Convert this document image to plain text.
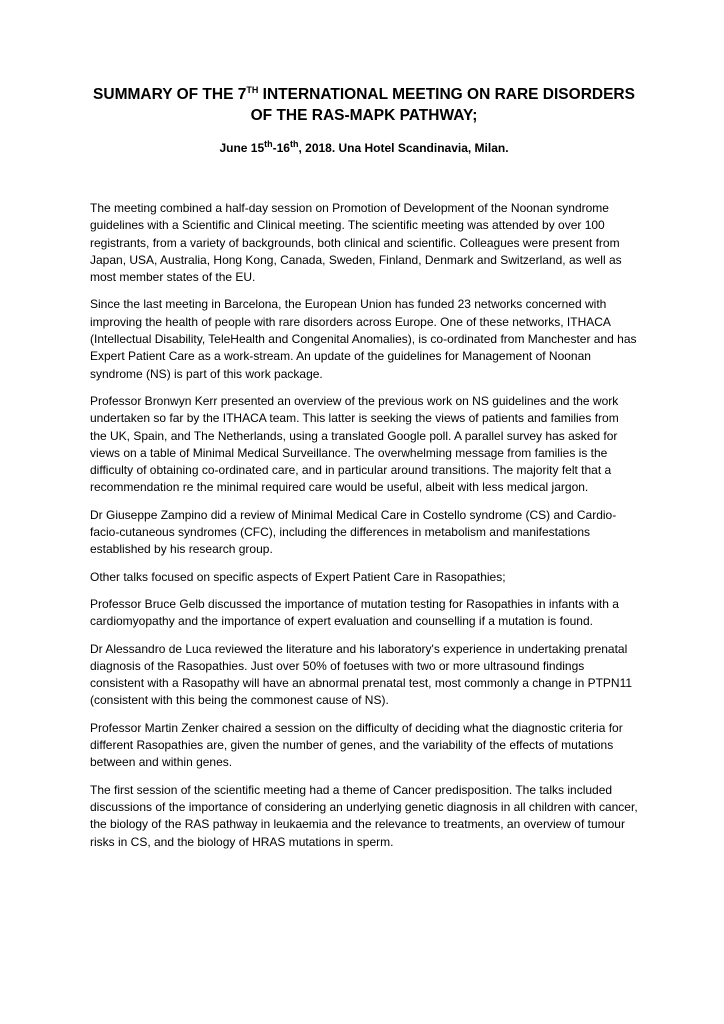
SUMMARY OF THE 7TH INTERNATIONAL MEETING ON RARE DISORDERS OF THE RAS-MAPK PATHWAY;

June 15th-16th, 2018. Una Hotel Scandinavia, Milan.

The meeting combined a half-day session on Promotion of Development of the Noonan syndrome guidelines with a Scientific and Clinical meeting. The scientific meeting was attended by over 100 registrants, from a variety of backgrounds, both clinical and scientific. Colleagues were present from Japan, USA, Australia, Hong Kong, Canada, Sweden, Finland, Denmark and Switzerland, as well as most member states of the EU.

Since the last meeting in Barcelona, the European Union has funded 23 networks concerned with improving the health of people with rare disorders across Europe. One of these networks, ITHACA (Intellectual Disability, TeleHealth and Congenital Anomalies), is co-ordinated from Manchester and has Expert Patient Care as a work-stream. An update of the guidelines for Management of Noonan syndrome (NS) is part of this work package.

Professor Bronwyn Kerr presented an overview of the previous work on NS guidelines and the work undertaken so far by the ITHACA team. This latter is seeking the views of patients and families from the UK, Spain, and The Netherlands, using a translated Google poll. A parallel survey has asked for views on a table of Minimal Medical Surveillance. The overwhelming message from families is the difficulty of obtaining co-ordinated care, and in particular around transitions. The majority felt that a recommendation re the minimal required care would be useful, albeit with less medical jargon.

Dr Giuseppe Zampino did a review of Minimal Medical Care in Costello syndrome (CS) and Cardio-facio-cutaneous syndromes (CFC), including the differences in metabolism and manifestations established by his research group.

Other talks focused on specific aspects of Expert Patient Care in Rasopathies;

Professor Bruce Gelb discussed the importance of mutation testing for Rasopathies in infants with a cardiomyopathy and the importance of expert evaluation and counselling if a mutation is found.

Dr Alessandro de Luca reviewed the literature and his laboratory's experience in undertaking prenatal diagnosis of the Rasopathies. Just over 50% of foetuses with two or more ultrasound findings consistent with a Rasopathy will have an abnormal prenatal test, most commonly a change in PTPN11 (consistent with this being the commonest cause of NS).

Professor Martin Zenker chaired a session on the difficulty of deciding what the diagnostic criteria for different Rasopathies are, given the number of genes, and the variability of the effects of mutations between and within genes.

The first session of the scientific meeting had a theme of Cancer predisposition. The talks included discussions of the importance of considering an underlying genetic diagnosis in all children with cancer, the biology of the RAS pathway in leukaemia and the relevance to treatments, an overview of tumour risks in CS, and the biology of HRAS mutations in sperm.
